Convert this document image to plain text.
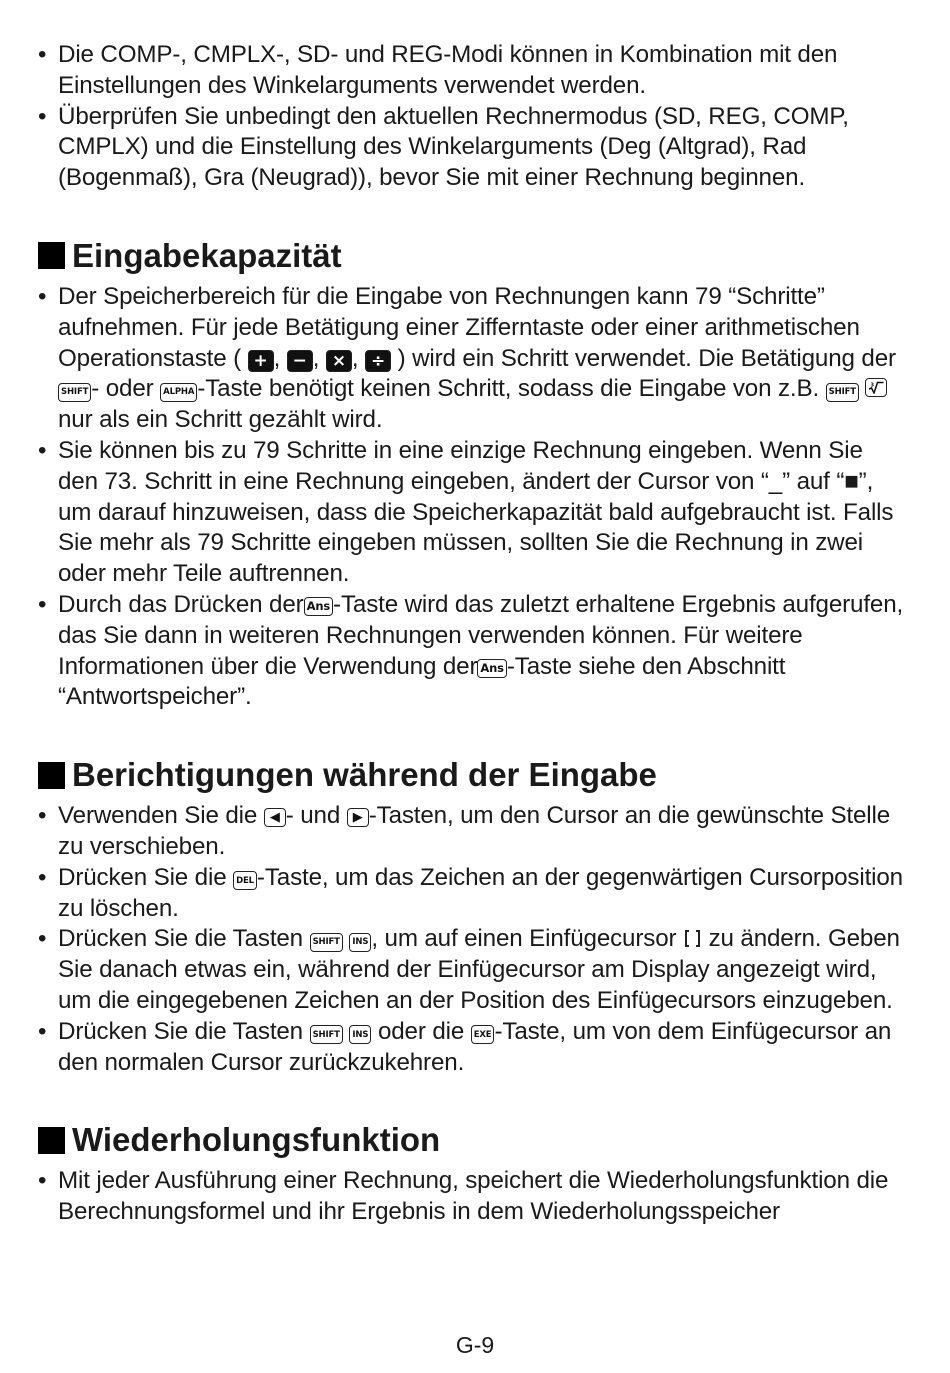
• Die COMP-, CMPLX-, SD- und REG-Modi können in Kombination mit den Einstellungen des Winkelarguments verwendet werden.
• Überprüfen Sie unbedingt den aktuellen Rechnermodus (SD, REG, COMP, CMPLX) und die Einstellung des Winkelarguments (Deg (Altgrad), Rad (Bogenmaß), Gra (Neugrad)), bevor Sie mit einer Rechnung beginnen.
Eingabekapazität
• Der Speicherbereich für die Eingabe von Rechnungen kann 79 “Schritte” aufnehmen. Für jede Betätigung einer Zifferntaste oder einer arithmetischen Operationstaste ( + , − , × , ÷ ) wird ein Schritt verwendet. Die Betätigung derSHIFT - oder ALPHA -Taste benötigt keinen Schritt, sodass die Eingabe von z.B. SHIFT
3
nur als ein Schritt gezählt wird.
• Sie können bis zu 79 Schritte in eine einzige Rechnung eingeben. Wenn Sie den 73. Schritt in eine Rechnung eingeben, ändert der Cursor von “_” auf “■”, um darauf hinzuweisen, dass die Speicherkapazität bald aufgebraucht ist. Falls Sie mehr als 79 Schritte eingeben müssen, sollten Sie die Rechnung in zwei oder mehr Teile auftrennen.
• Durch das Drücken der Ans -Taste wird das zuletzt erhaltene Ergebnis aufgerufen, das Sie dann in weiteren Rechnungen verwenden können. Für weitere Informationen über die Verwendung der Ans -Taste siehe den Abschnitt “Antwortspeicher”.
Berichtigungen während der Eingabe
• Verwenden Sie die ◀ - und ▶ -Tasten, um den Cursor an die gewünschte Stelle zu verschieben.
• Drücken Sie die DEL -Taste, um das Zeichen an der gegenwärtigen Cursorposition zu löschen.
• Drücken Sie die Tasten SHIFT INS , um auf einen Einfügecursor zu ändern. Geben Sie danach etwas ein, während der Einfügecursor am Display angezeigt wird, um die eingegebenen Zeichen an der Position des Einfügecursors einzugeben.
• Drücken Sie die Tasten SHIFT INS oder die EXE -Taste, um von dem Einfügecursor an den normalen Cursor zurückzukehren.
Wiederholungsfunktion
• Mit jeder Ausführung einer Rechnung, speichert die Wiederholungsfunktion die Berechnungsformel und ihr Ergebnis in dem Wiederholungsspeicher
G-9
